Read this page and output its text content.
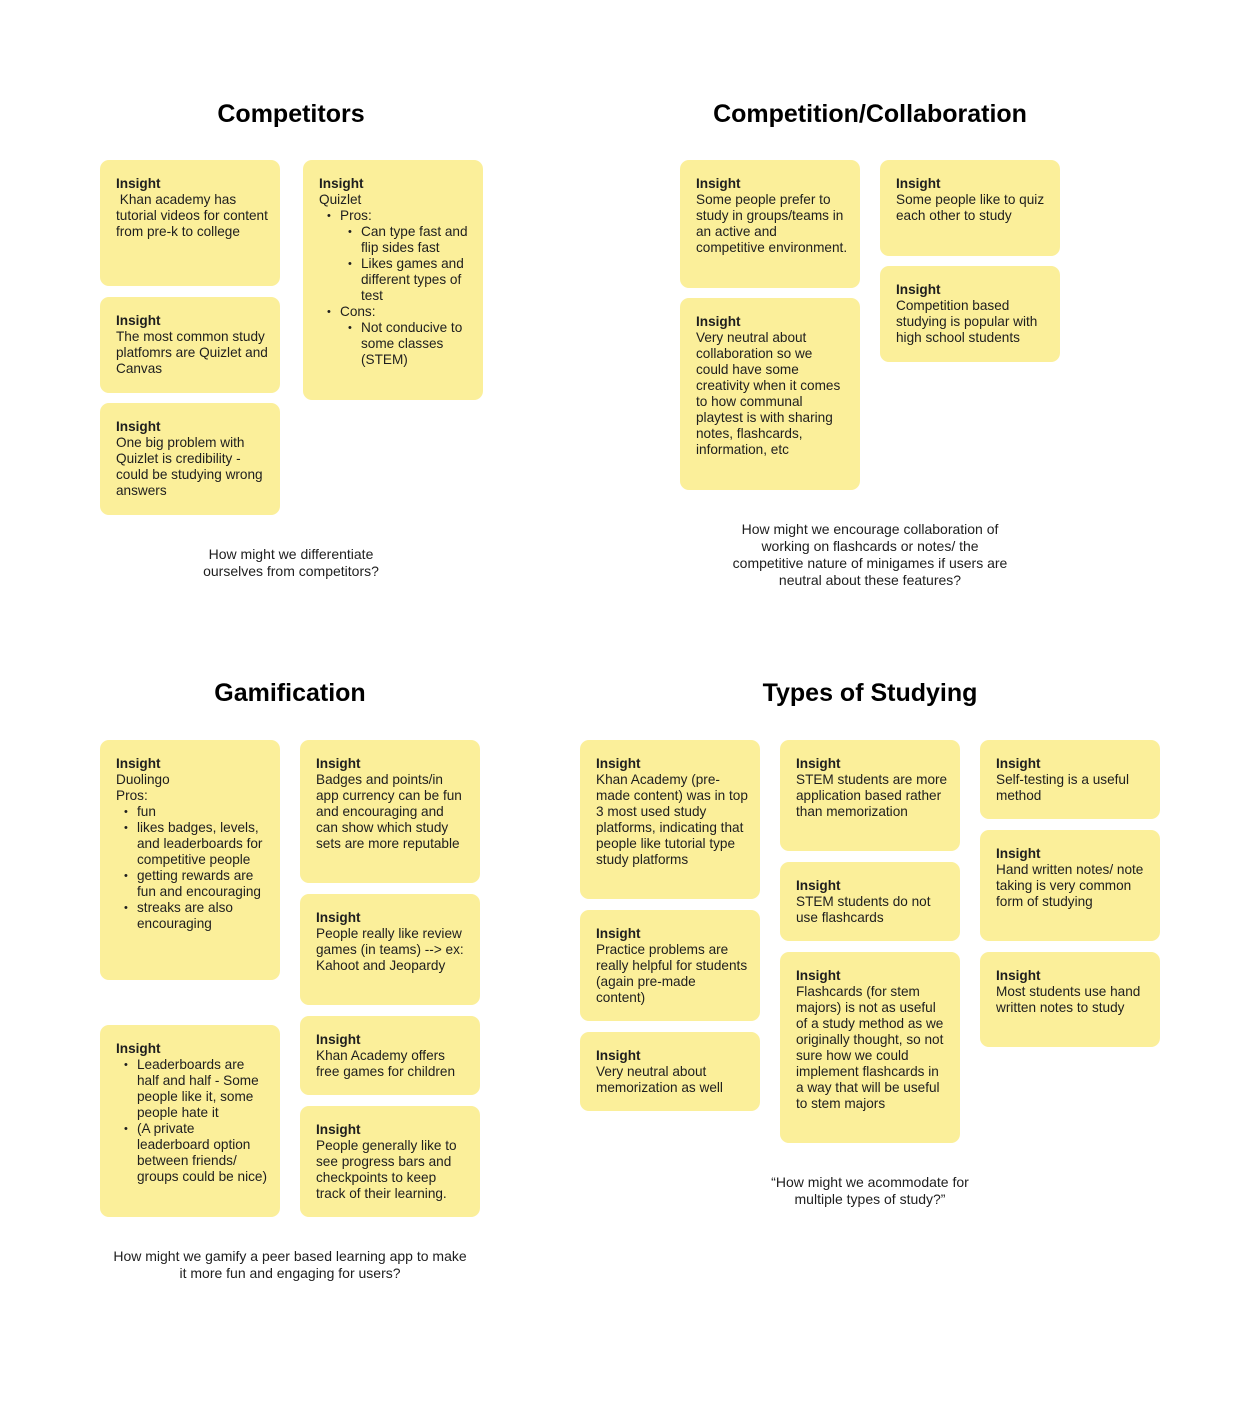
Competitors
Insight
Khan academy has tutorial videos for content from pre-k to college
Insight
The most common study platfomrs are Quizlet and Canvas
Insight
One big problem with Quizlet is credibility - could be studying wrong answers
Insight
Quizlet
• Pros:
• Can type fast and flip sides fast
• Likes games and different types of test
• Cons:
• Not conducive to some classes (STEM)

How might we differentiate ourselves from competitors?

Competition/Collaboration
Insight
Some people prefer to study in groups/teams in an active and competitive environment.
Insight
Very neutral about collaboration so we could have some creativity when it comes to how communal playtest is with sharing notes, flashcards, information, etc
Insight
Some people like to quiz each other to study
Insight
Competition based studying is popular with high school students

How might we encourage collaboration of working on flashcards or notes/ the competitive nature of minigames if users are neutral about these features?

Gamification
Insight
Duolingo
Pros:
• fun
• likes badges, levels, and leaderboards for competitive people
• getting rewards are fun and encouraging
• streaks are also encouraging
Insight
• Leaderboards are half and half - Some people like it, some people hate it
• (A private leaderboard option between friends/ groups could be nice)
Insight
Badges and points/in app currency can be fun and encouraging and can show which study sets are more reputable
Insight
People really like review games (in teams) --> ex: Kahoot and Jeopardy
Insight
Khan Academy offers free games for children
Insight
People generally like to see progress bars and checkpoints to keep track of their learning.

How might we gamify a peer based learning app to make it more fun and engaging for users?

Types of Studying
Insight
Khan Academy (pre-made content) was in top 3 most used study platforms, indicating that people like tutorial type study platforms
Insight
Practice problems are really helpful for students (again pre-made content)
Insight
Very neutral about memorization as well
Insight
STEM students are more application based rather than memorization
Insight
STEM students do not use flashcards
Insight
Flashcards (for stem majors) is not as useful of a study method as we originally thought, so not sure how we could implement flashcards in a way that will be useful to stem majors
Insight
Self-testing is a useful method
Insight
Hand written notes/ note taking is very common form of studying
Insight
Most students use hand written notes to study

“How might we acommodate for multiple types of study?”
